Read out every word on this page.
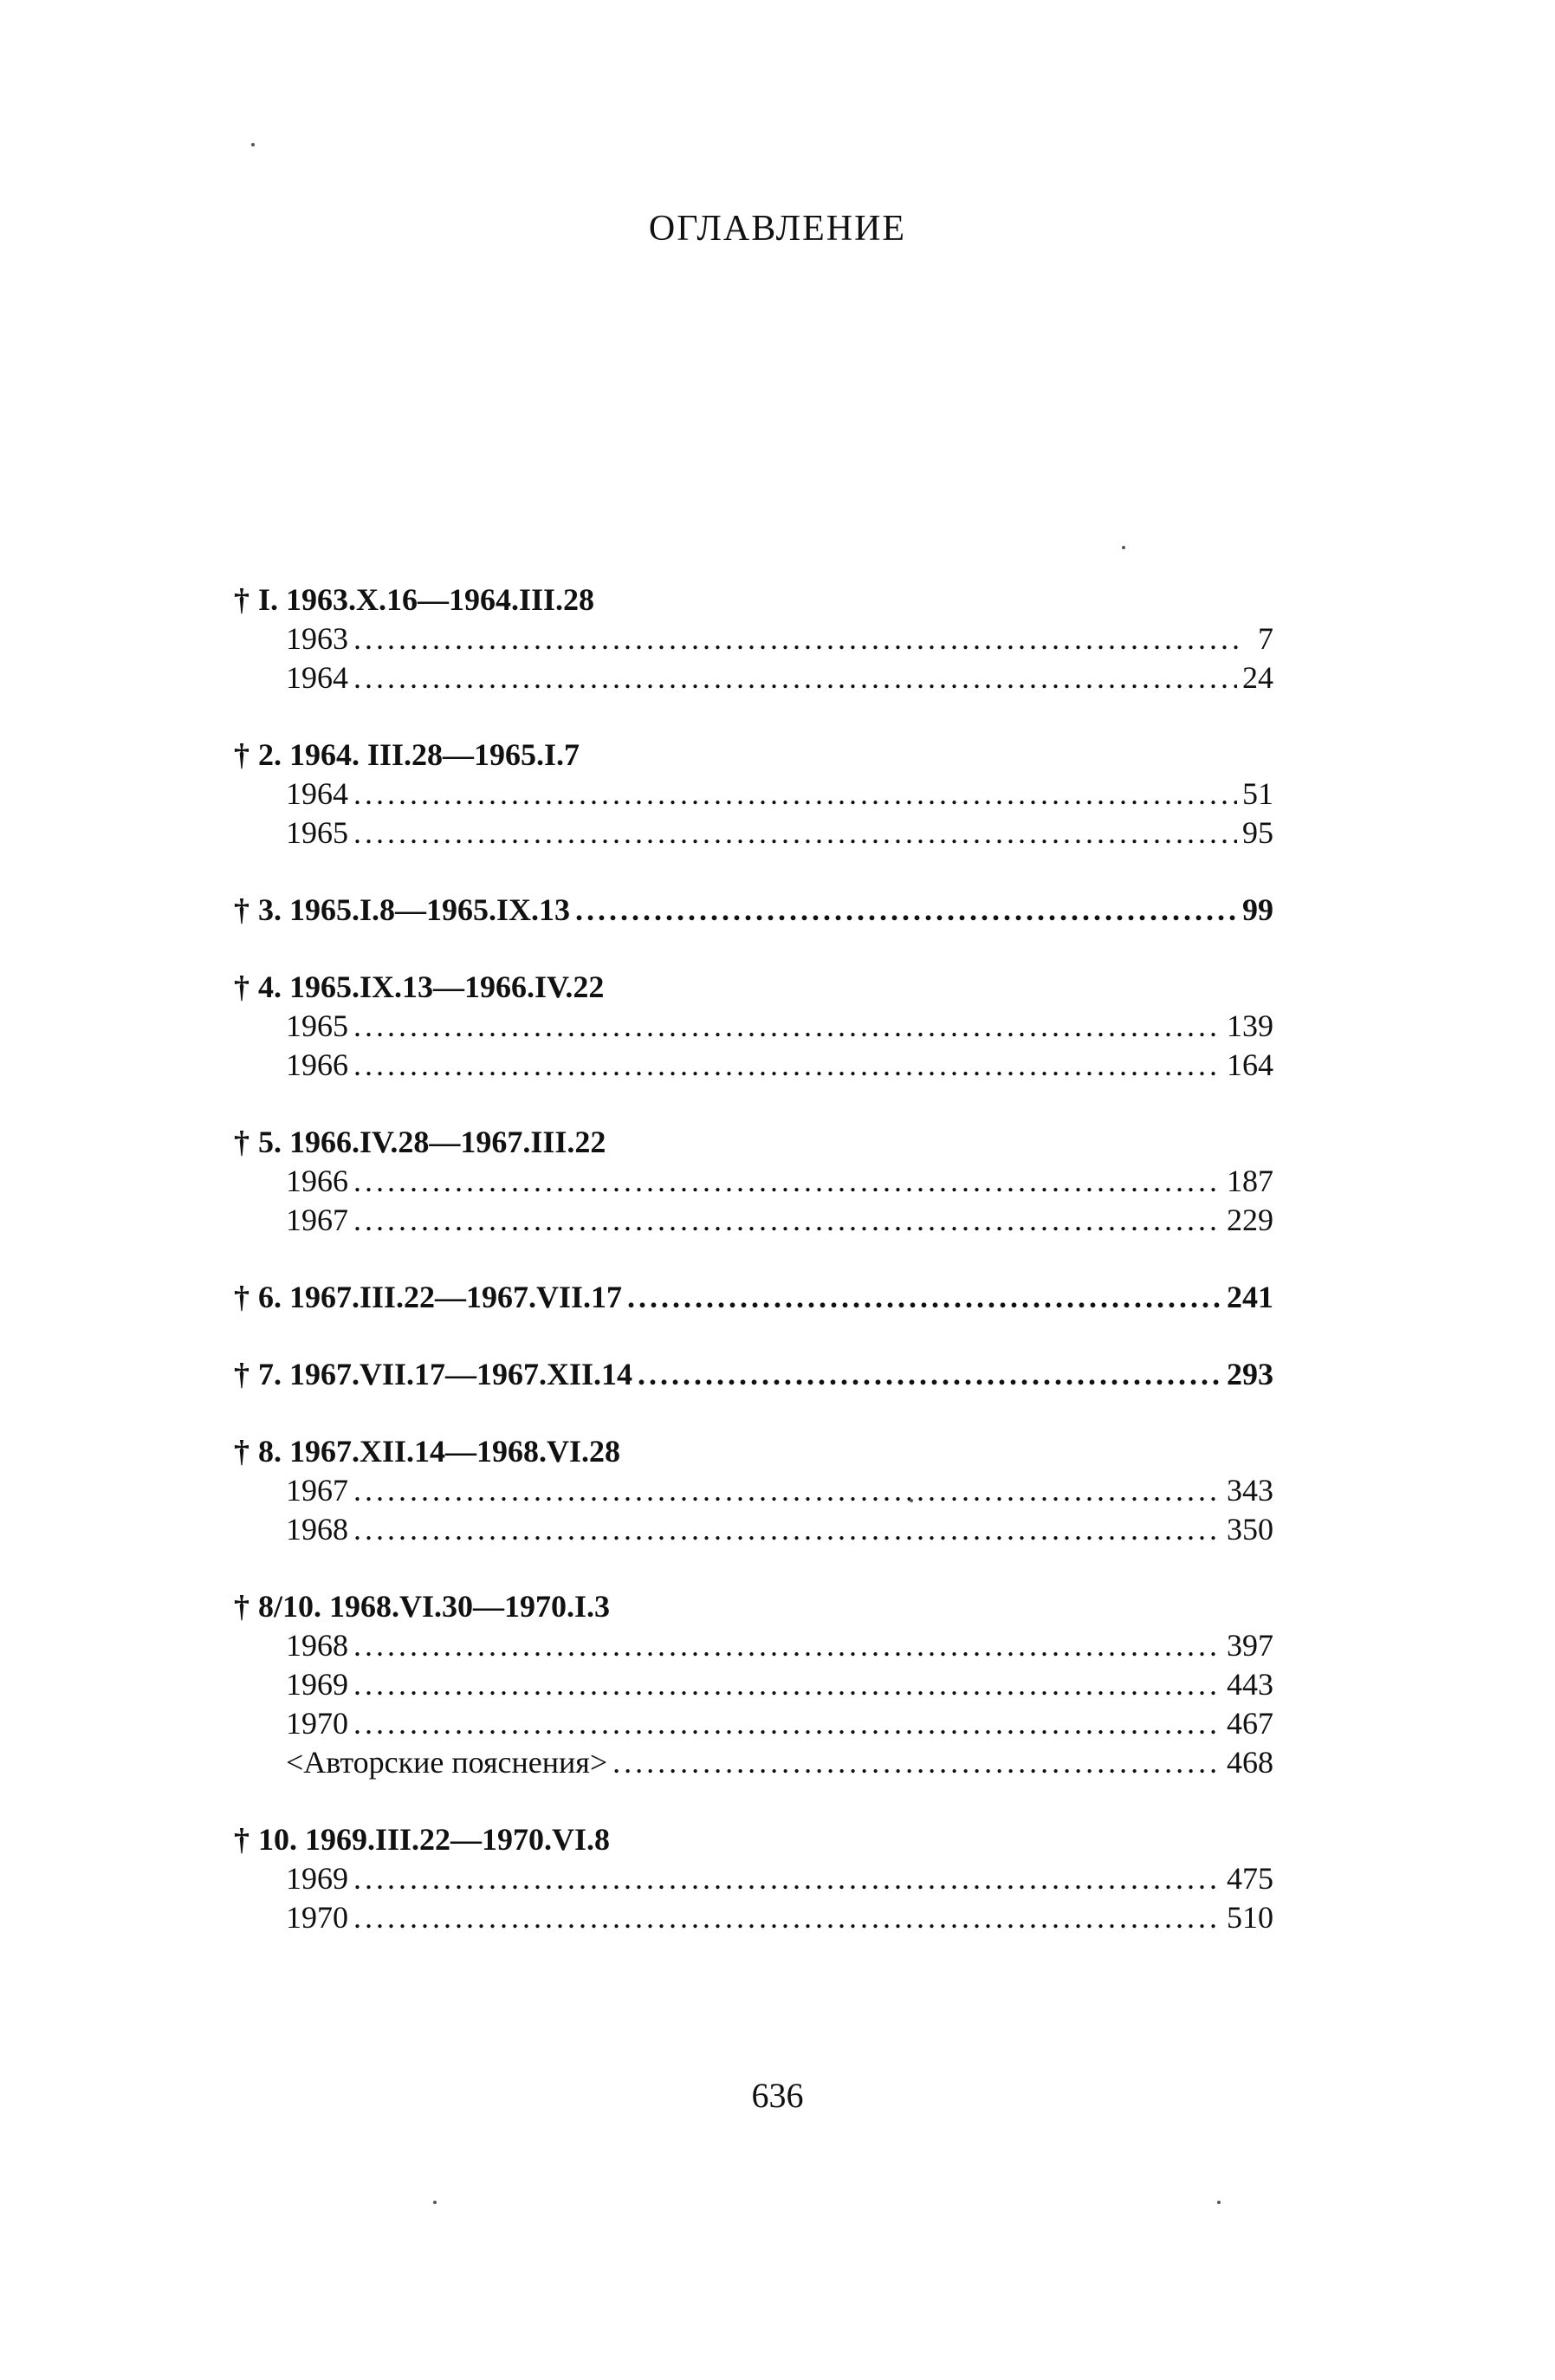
ОГЛАВЛЕНИЕ
† I. 1963.X.16—1964.III.28
1963 .....	7
1964 .....	24
† 2. 1964. III.28—1965.I.7
1964 .....	51
1965 .....	95
† 3. 1965.I.8—1965.IX.13 .....	99
† 4. 1965.IX.13—1966.IV.22
1965 .....	139
1966 .....	164
† 5. 1966.IV.28—1967.III.22
1966 .....	187
1967 .....	229
† 6. 1967.III.22—1967.VII.17 .....	241
† 7. 1967.VII.17—1967.XII.14 .....	293
† 8. 1967.XII.14—1968.VI.28
1967 .....	343
1968 .....	350
† 8/10. 1968.VI.30—1970.I.3
1968 .....	397
1969 .....	443
1970 .....	467
<Авторские пояснения> .....	468
† 10. 1969.III.22—1970.VI.8
1969 .....	475
1970 .....	510
636
